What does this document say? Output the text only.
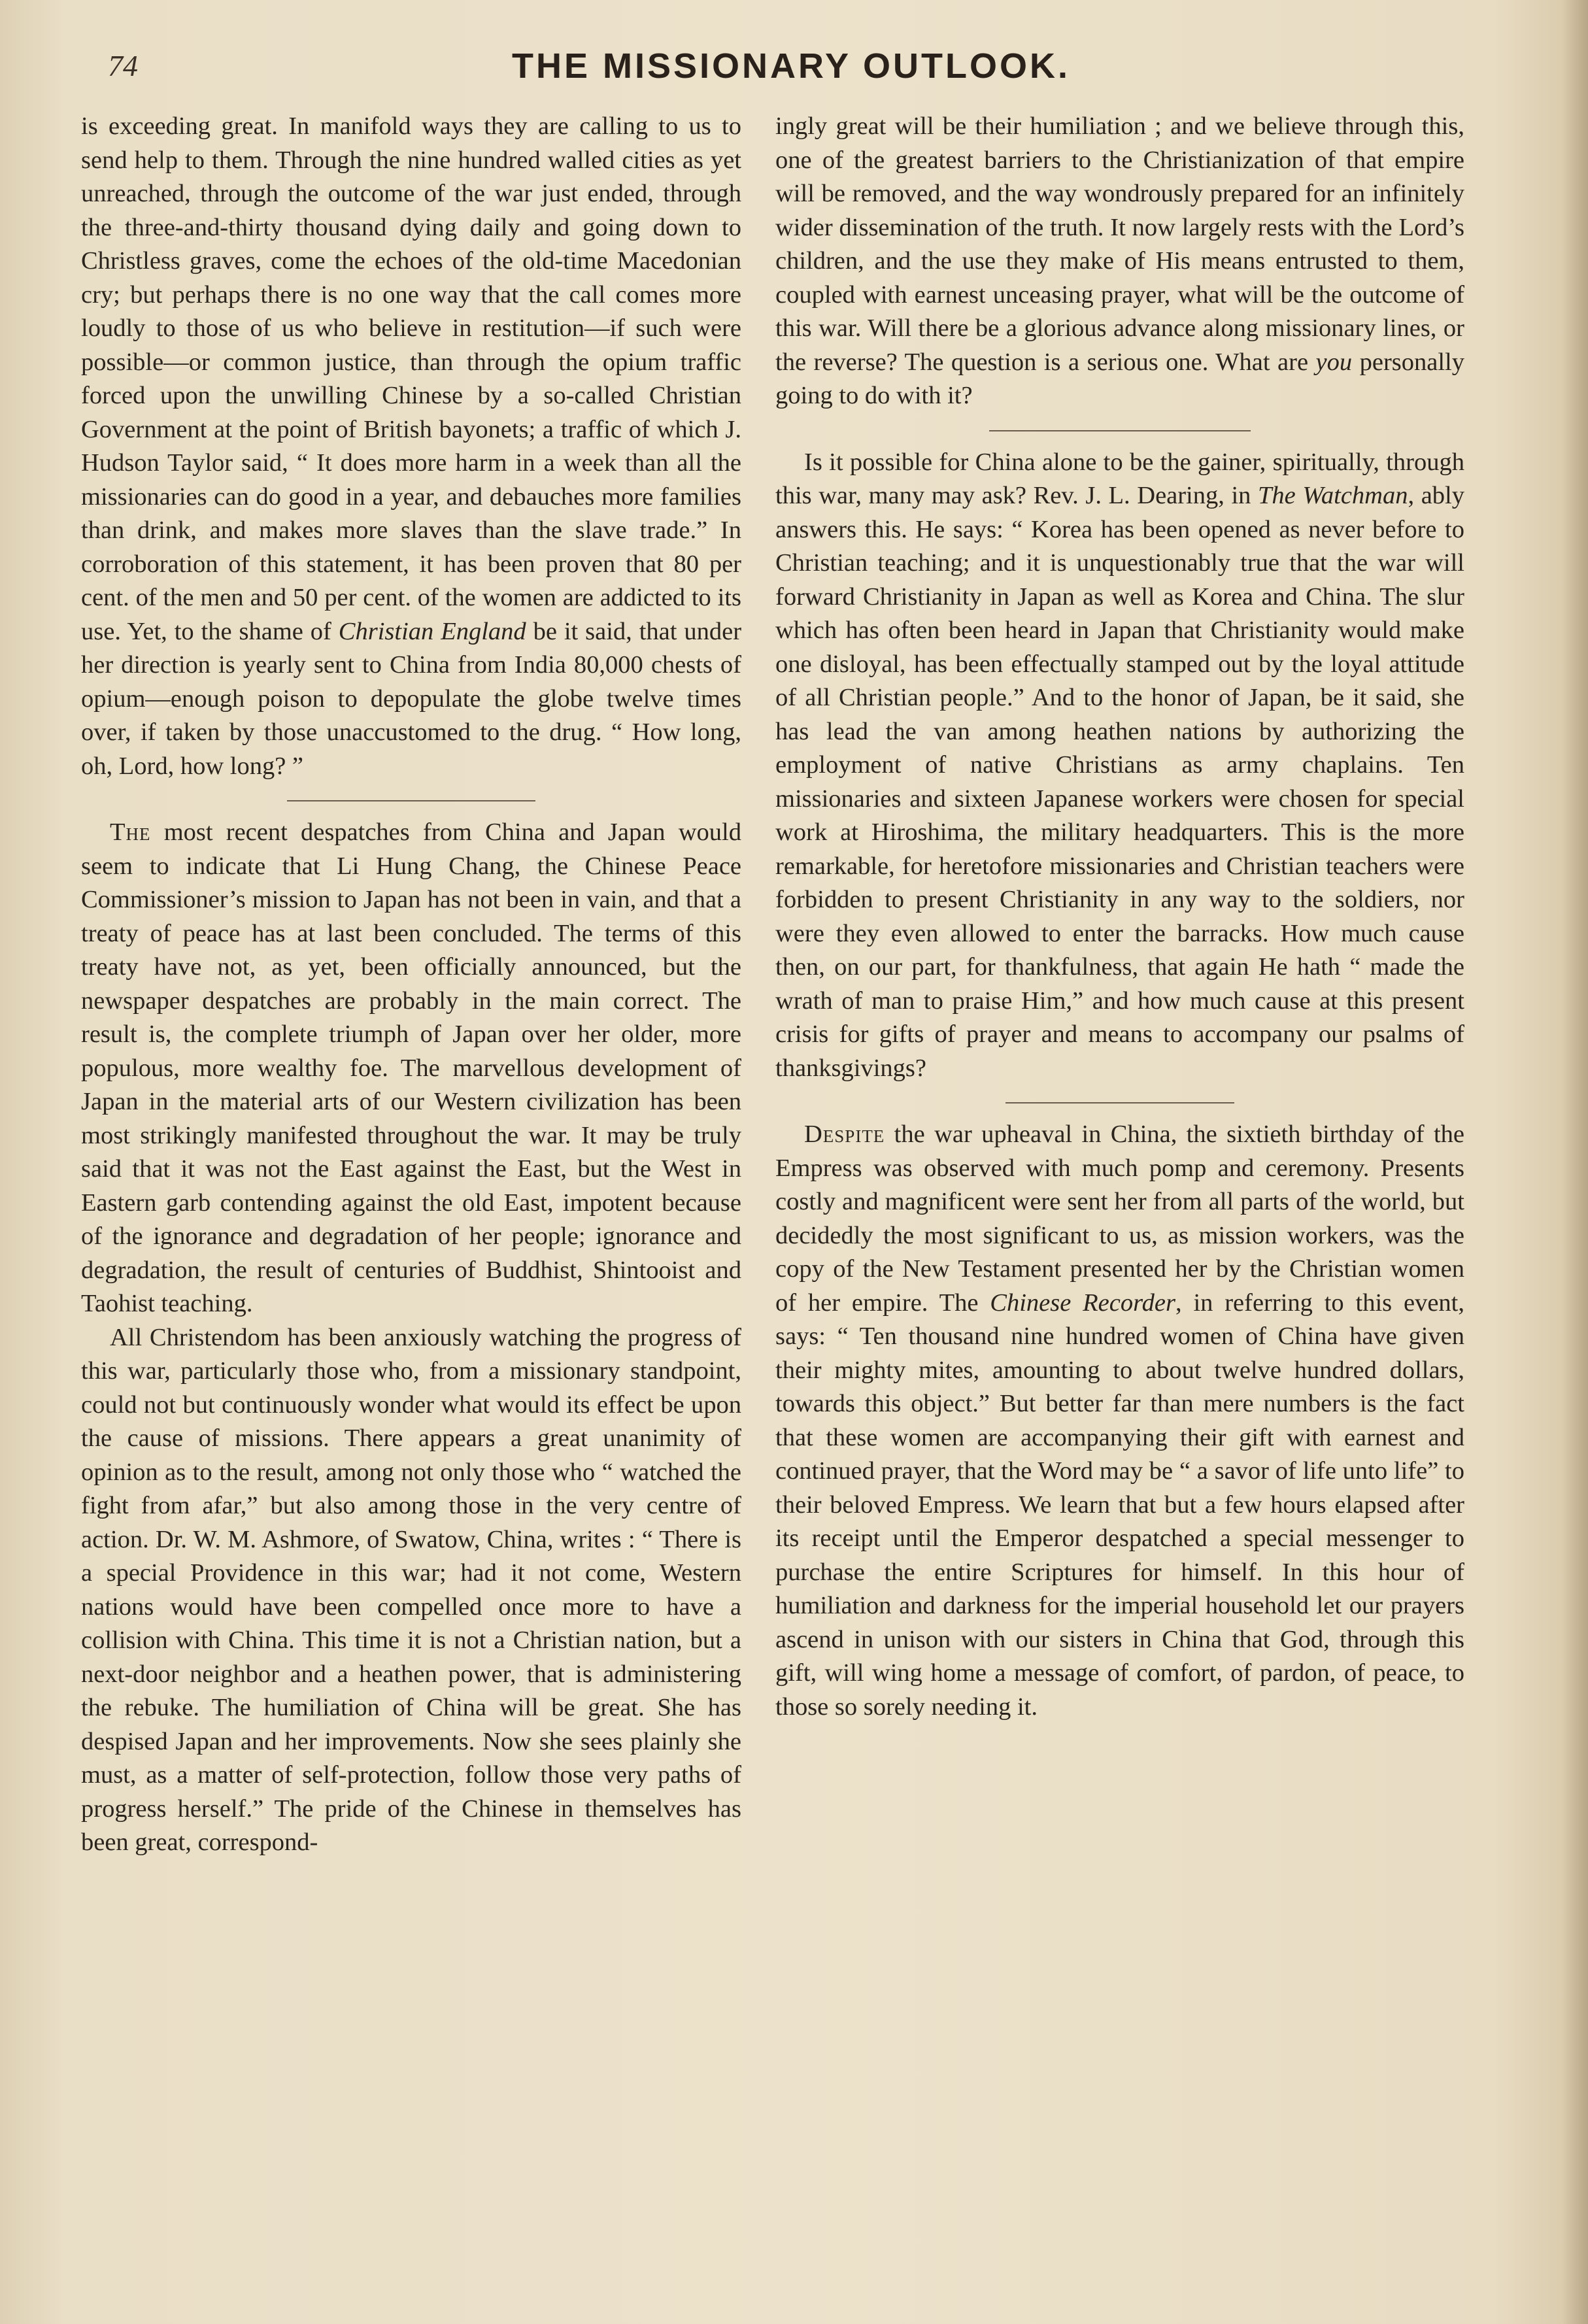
74	THE MISSIONARY OUTLOOK.

is exceeding great. In manifold ways they are calling to us to send help to them. Through the nine hundred walled cities as yet unreached, through the outcome of the war just ended, through the three-and-thirty thousand dying daily and going down to Christless graves, come the echoes of the old-time Macedonian cry; but perhaps there is no one way that the call comes more loudly to those of us who believe in restitution—if such were possible—or common justice, than through the opium traffic forced upon the unwilling Chinese by a so-called Christian Government at the point of British bayonets; a traffic of which J. Hudson Taylor said, “ It does more harm in a week than all the missionaries can do good in a year, and debauches more families than drink, and makes more slaves than the slave trade.” In corroboration of this statement, it has been proven that 80 per cent. of the men and 50 per cent. of the women are addicted to its use. Yet, to the shame of Christian England be it said, that under her direction is yearly sent to China from India 80,000 chests of opium—enough poison to depopulate the globe twelve times over, if taken by those unaccustomed to the drug. “ How long, oh, Lord, how long? ”

The most recent despatches from China and Japan would seem to indicate that Li Hung Chang, the Chinese Peace Commissioner’s mission to Japan has not been in vain, and that a treaty of peace has at last been concluded. The terms of this treaty have not, as yet, been officially announced, but the newspaper despatches are probably in the main correct. The result is, the complete triumph of Japan over her older, more populous, more wealthy foe. The marvellous development of Japan in the material arts of our Western civilization has been most strikingly manifested throughout the war. It may be truly said that it was not the East against the East, but the West in Eastern garb contending against the old East, impotent because of the ignorance and degradation of her people; ignorance and degradation, the result of centuries of Buddhist, Shintooist and Taohist teaching.

All Christendom has been anxiously watching the progress of this war, particularly those who, from a missionary standpoint, could not but continuously wonder what would its effect be upon the cause of missions. There appears a great unanimity of opinion as to the result, among not only those who “ watched the fight from afar,” but also among those in the very centre of action. Dr. W. M. Ashmore, of Swatow, China, writes : “ There is a special Providence in this war; had it not come, Western nations would have been compelled once more to have a collision with China. This time it is not a Christian nation, but a next-door neighbor and a heathen power, that is administering the rebuke. The humiliation of China will be great. She has despised Japan and her improvements. Now she sees plainly she must, as a matter of self-protection, follow those very paths of progress herself.” The pride of the Chinese in themselves has been great, correspond-

ingly great will be their humiliation ; and we believe through this, one of the greatest barriers to the Christianization of that empire will be removed, and the way wondrously prepared for an infinitely wider dissemination of the truth. It now largely rests with the Lord’s children, and the use they make of His means entrusted to them, coupled with earnest unceasing prayer, what will be the outcome of this war. Will there be a glorious advance along missionary lines, or the reverse? The question is a serious one. What are you personally going to do with it?

Is it possible for China alone to be the gainer, spiritually, through this war, many may ask? Rev. J. L. Dearing, in The Watchman, ably answers this. He says: “ Korea has been opened as never before to Christian teaching; and it is unquestionably true that the war will forward Christianity in Japan as well as Korea and China. The slur which has often been heard in Japan that Christianity would make one disloyal, has been effectually stamped out by the loyal attitude of all Christian people.” And to the honor of Japan, be it said, she has lead the van among heathen nations by authorizing the employment of native Christians as army chaplains. Ten missionaries and sixteen Japanese workers were chosen for special work at Hiroshima, the military headquarters. This is the more remarkable, for heretofore missionaries and Christian teachers were forbidden to present Christianity in any way to the soldiers, nor were they even allowed to enter the barracks. How much cause then, on our part, for thankfulness, that again He hath “ made the wrath of man to praise Him,” and how much cause at this present crisis for gifts of prayer and means to accompany our psalms of thanksgivings?

Despite the war upheaval in China, the sixtieth birthday of the Empress was observed with much pomp and ceremony. Presents costly and magnificent were sent her from all parts of the world, but decidedly the most significant to us, as mission workers, was the copy of the New Testament presented her by the Christian women of her empire. The Chinese Recorder, in referring to this event, says: “ Ten thousand nine hundred women of China have given their mighty mites, amounting to about twelve hundred dollars, towards this object.” But better far than mere numbers is the fact that these women are accompanying their gift with earnest and continued prayer, that the Word may be “ a savor of life unto life” to their beloved Empress. We learn that but a few hours elapsed after its receipt until the Emperor despatched a special messenger to purchase the entire Scriptures for himself. In this hour of humiliation and darkness for the imperial household let our prayers ascend in unison with our sisters in China that God, through this gift, will wing home a message of comfort, of pardon, of peace, to those so sorely needing it.
